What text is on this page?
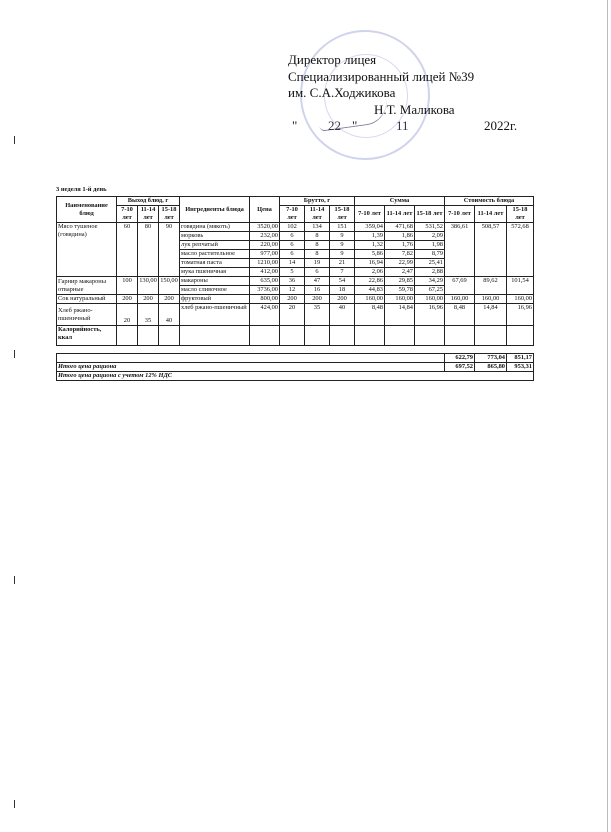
Директор лицея
Специализированный лицей №39
им. С.А.Ходжикова
Н.Т. Маликова
" 22 "	11	2022г.
3 неделя 1-й день
Наименование блюд	Выход блюд, г			Ингредиенты блюда	Цена	Брутто, г			Сумма			Стоимость блюда		
	7-10 лет	11-14 лет	15-18 лет			7-10 лет	11-14 лет	15-18 лет	7-10 лет	11-14 лет	15-18 лет	7-10 лет	11-14 лет	15-18 лет
Мясо тушеное (говядина)	60	80	90	говядина (мякоть)	3520,00	102	134	151	359,04	471,68	531,52	386,61	508,57	572,68
				морковь	232,00	6	8	9	1,39	1,86	2,09			
				лук репчатый	220,00	6	8	9	1,32	1,76	1,98			
				масло растительное	977,00	6	8	9	5,86	7,82	8,79			
				томатная паста	1210,00	14	19	21	16,94	22,99	25,41			
				мука пшеничная	412,00	5	6	7	2,06	2,47	2,88			
Гарнир макароны отварные	100	130,00	150,00	макароны	635,00	36	47	54	22,86	29,85	34,29	67,69	89,62	101,54
				масло сливочное	3736,00	12	16	18	44,83	59,78	67,25			
Сок натуральный	200	200	200	фруктовый	800,00	200	200	200	160,00	160,00	160,00	160,00	160,00	160,00
Хлеб ржано-пшеничный	20	35	40	хлеб ржано-пшеничный	424,00	20	35	40	8,48	14,84	16,96	8,48	14,84	16,96
Калорийность, ккал														

												622,79	773,04	851,17
Итого цена рациона												697,52	865,80	953,31
Итого цена рациона с учетом 12% НДС														
